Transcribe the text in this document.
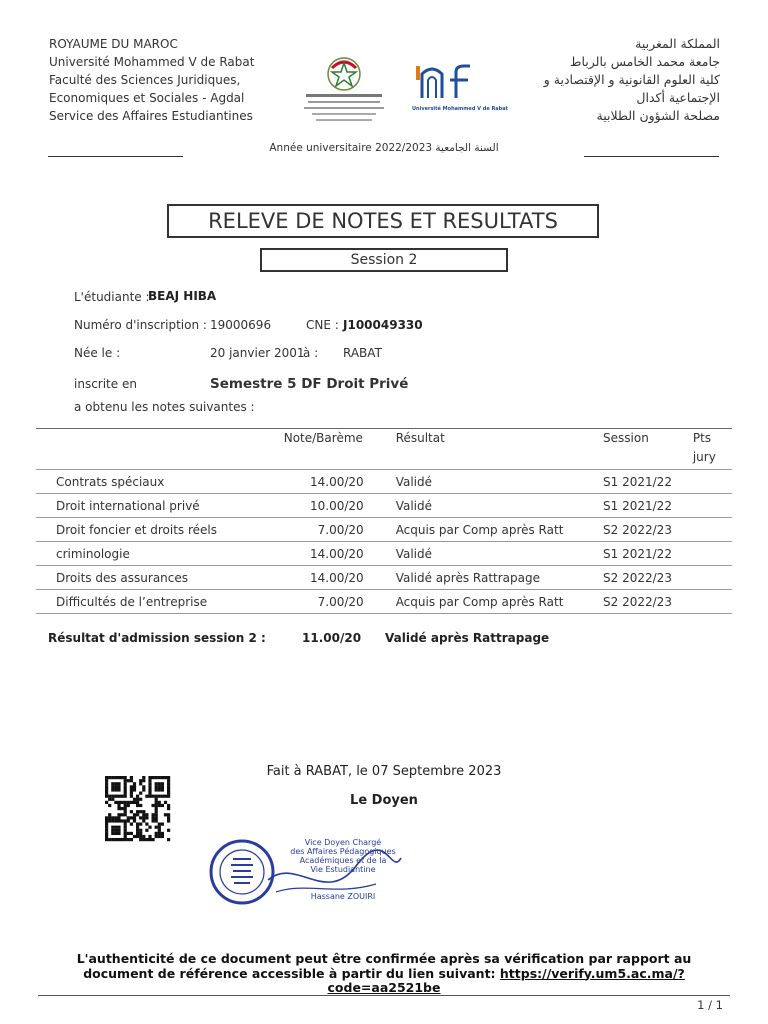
ROYAUME DU MAROC
Université Mohammed V de Rabat
Faculté des Sciences Juridiques,
Economiques et Sociales - Agdal
Service des Affaires Estudiantines	Université Mohammed V de Rabat
المملكة المغربية
جامعة محمد الخامس بالرباط
كلية العلوم القانونية و الإقتصادية و
الإجتماعية أكدال
مصلحة الشؤون الطلابية
Année universitaire 2022/2023 السنة الجامعية
RELEVE DE NOTES ET RESULTATS
Session 2
L'étudiante :
BEAJ HIBA
Numéro d'inscription : 19000696	CNE : J100049330
Née le :	20 janvier 2001
à : RABAT
inscrite en	Semestre 5 DF Droit Privé
a obtenu les notes suivantes :
	Note/Barème	Résultat	Session	Pts
jury

Contrats spéciaux	14.00/20	Validé	S1 2021/22	
Droit international privé	10.00/20	Validé	S1 2021/22	
Droit foncier et droits réels	7.00/20	Acquis par Comp après Ratt	S2 2022/23	
criminologie	14.00/20	Validé	S1 2021/22	
Droits des assurances	14.00/20	Validé après Rattrapage	S2 2022/23	
Difficultés de l’entreprise	7.00/20	Acquis par Comp après Ratt	S2 2022/23	
Résultat d'admission session 2 :	11.00/20 Validé après Rattrapage
Fait à RABAT, le 07 Septembre 2023
Le Doyen
Vice Doyen Chargé
des Affaires Pédagogiques
Académiques et de la
Vie Estudiantine
Hassane ZOUIRI
L'authenticité de ce document peut être confirmée après sa vérification par rapport au document de référence accessible à partir du lien suivant: https://verify.um5.ac.ma/?code=aa2521be
1 / 1
